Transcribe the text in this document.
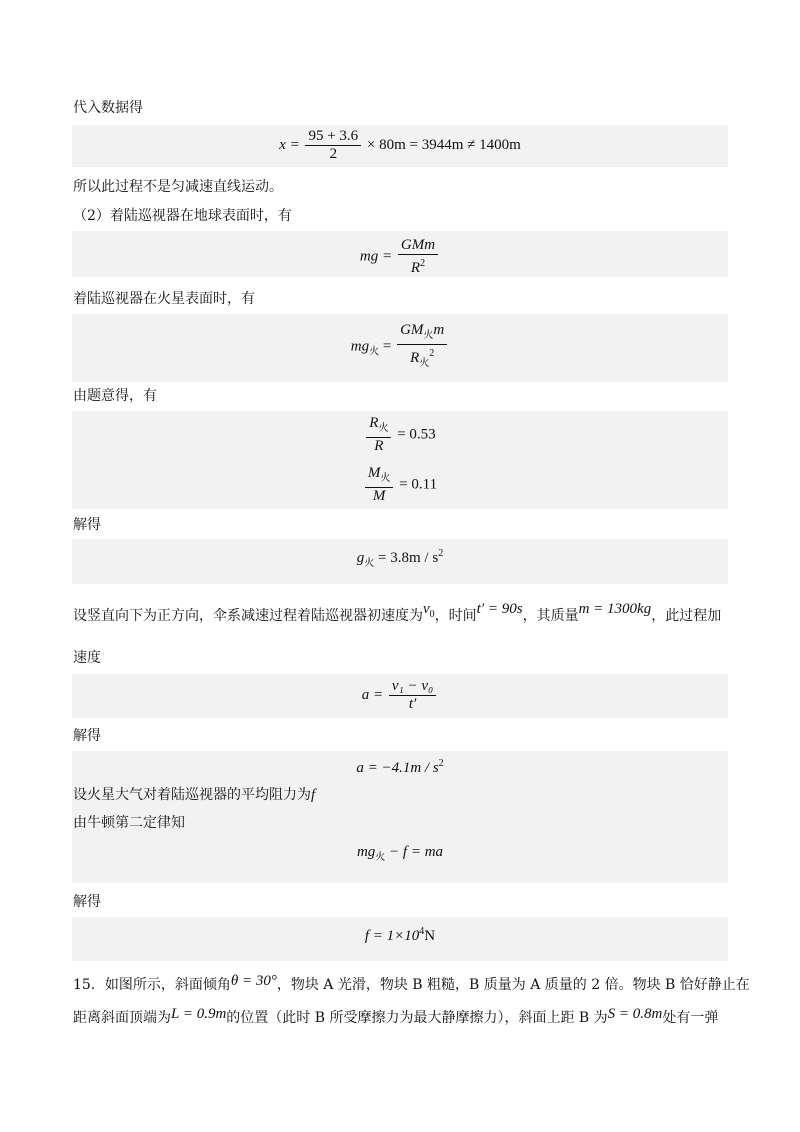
代入数据得
$x = \frac{95 + 3.6}{2} \times 80m = 3944m \ne 1400m$
所以此过程不是匀减速直线运动。
（2）着陆巡视器在地球表面时，有
mg = $\frac{\text{GMm}}{R^2}$
着陆巡视器在火星表面时，有
$mg_火 = \frac{GM_火m}{R_火^2}$
由题意得，有
$\frac{R_火}{R} = 0.53$
$\frac{M_火}{M} = 0.11$
解得
$g_火 = 3.8m / s^2$
设竖直向下为正方向，伞系减速过程着陆巡视器初速度为$v_0$，时间t′ = 90s，其质量m = 1300kg，此过程加
速度
$a = \frac{\text{v₁ − v₀}}{t'}$
解得
$a = -4.1m / s^2$
设火星大气对着陆巡视器的平均阻力为f
由牛顿第二定律知
$mg_火 - f$ = ma
解得
$f = 1\times 10^4N$
15．如图所示，斜面倾角θ = 30°，物块 A 光滑，物块 B 粗糙，B 质量为 A 质量的 2 倍。物块 B 恰好静止在
距离斜面顶端为L = 0.9m的位置（此时 B 所受摩擦力为最大静摩擦力），斜面上距 B 为S = 0.8m处有一弹
